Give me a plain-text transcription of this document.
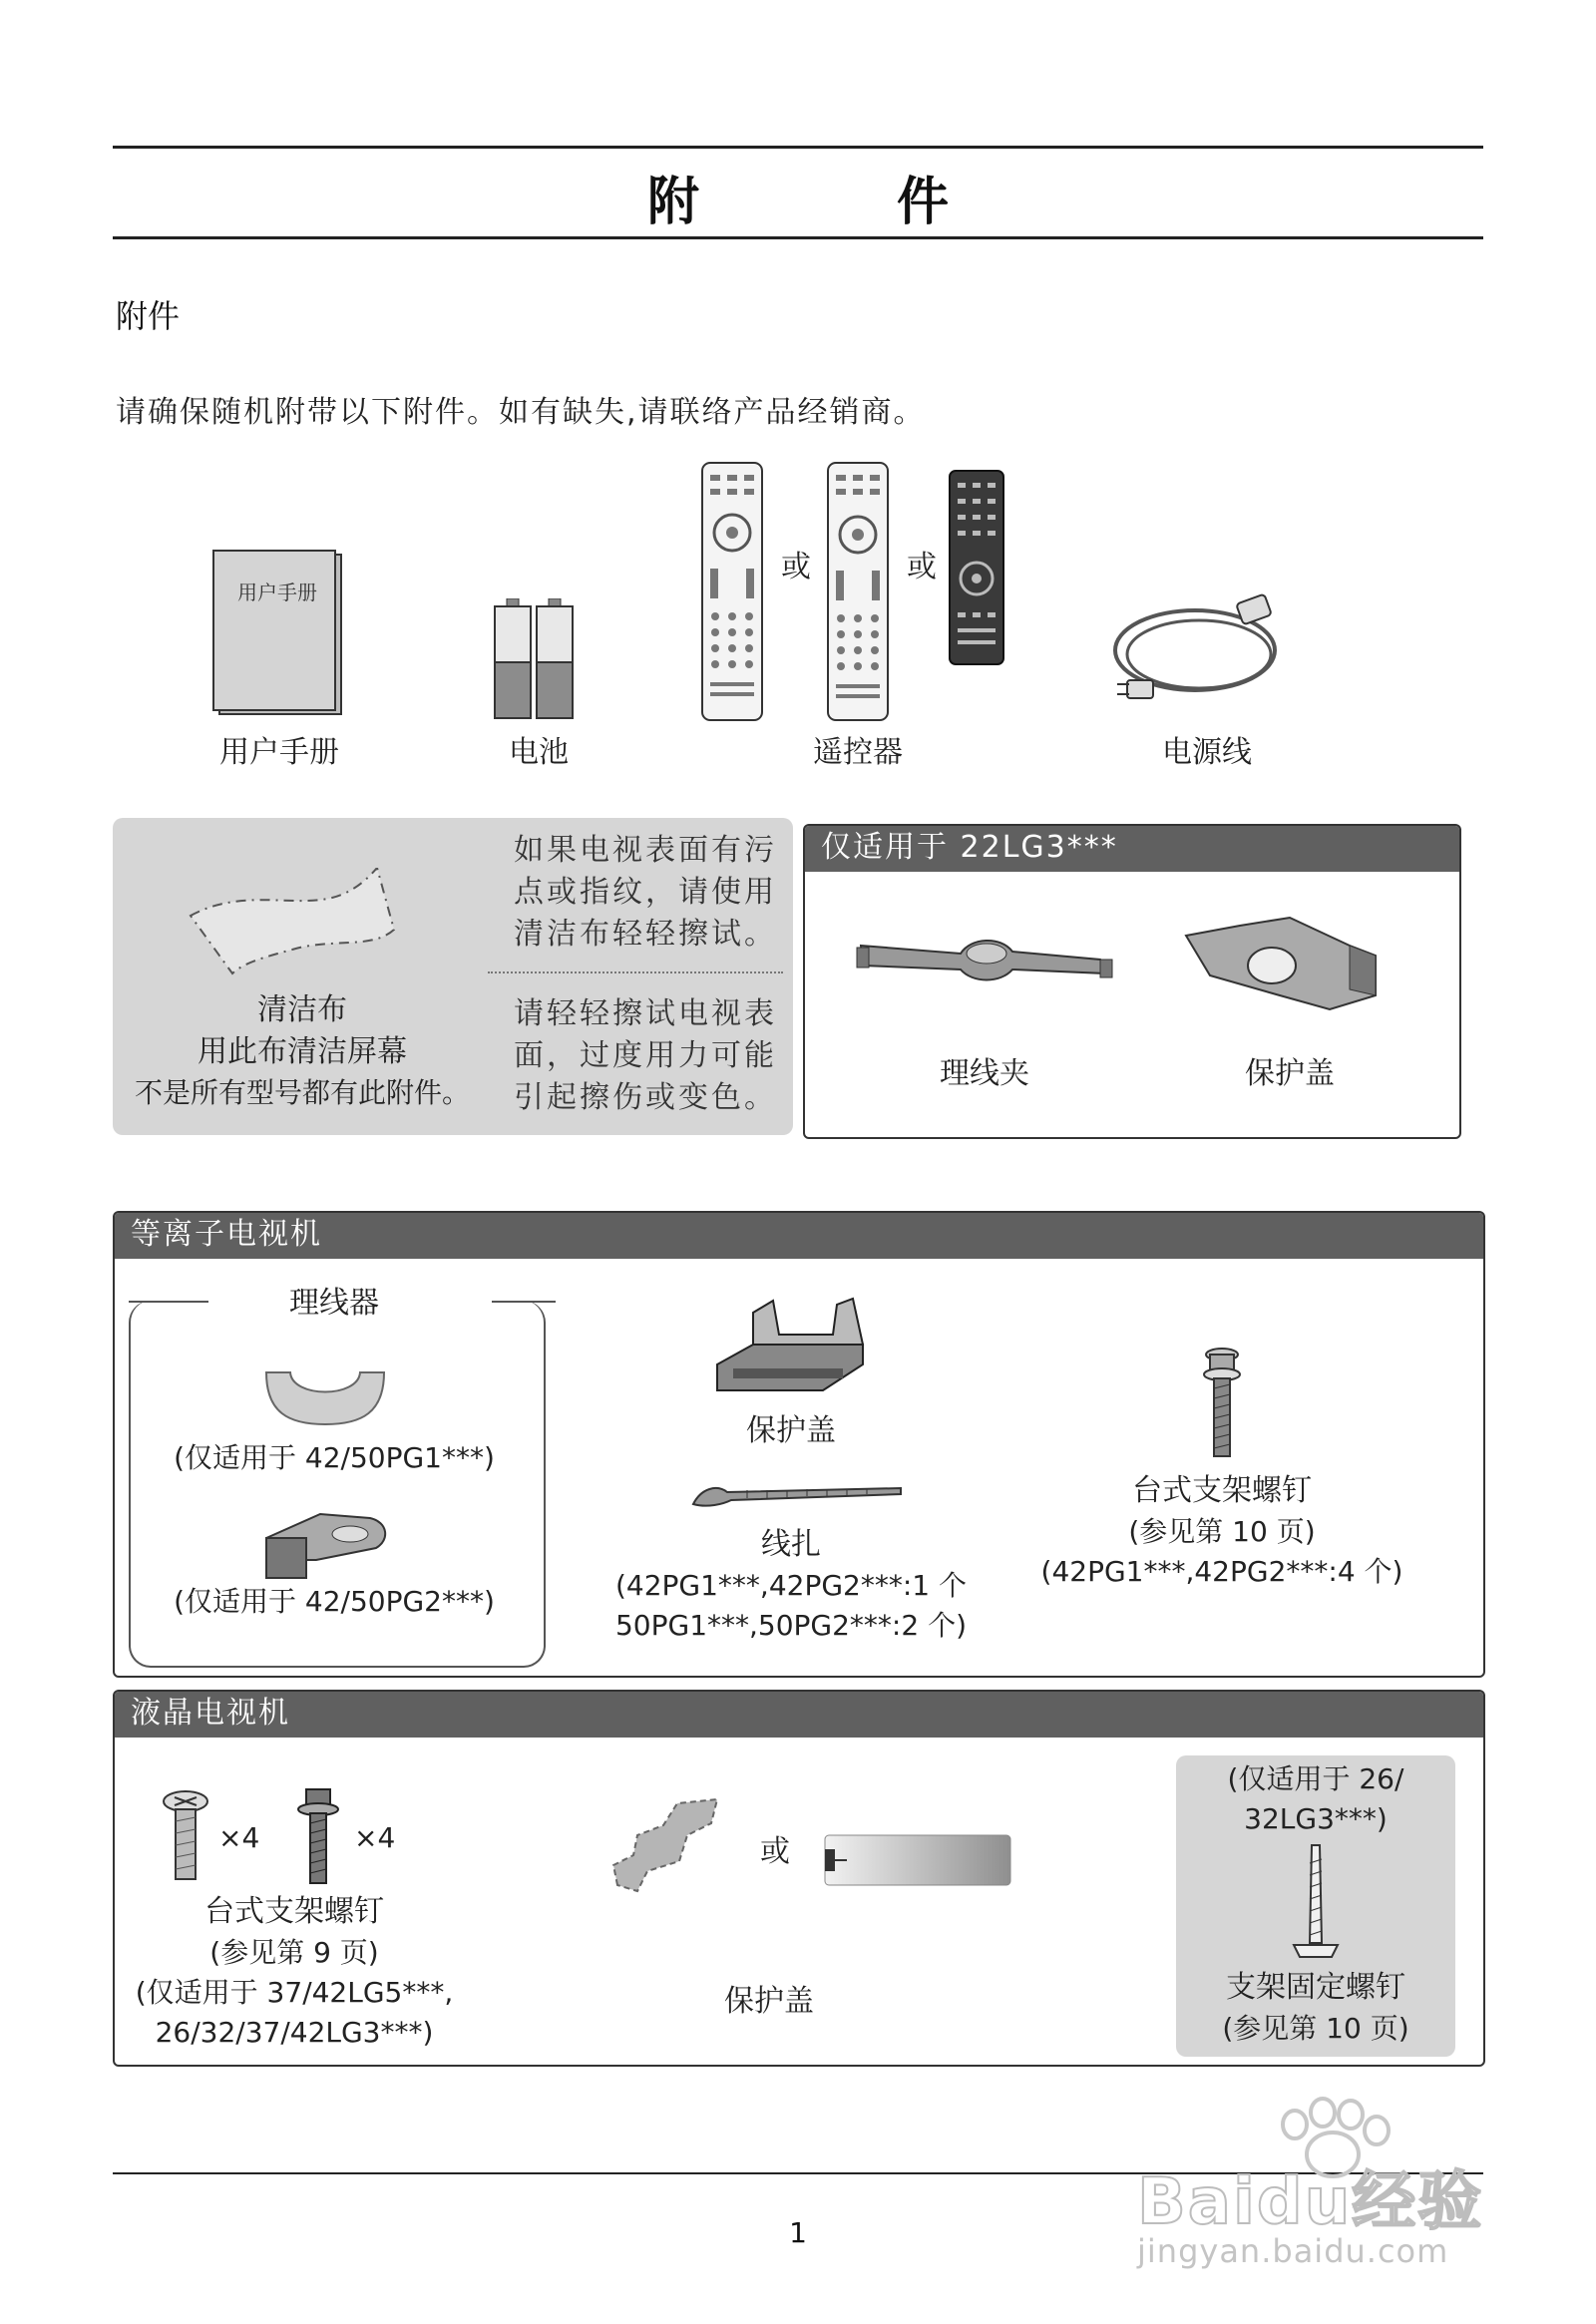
附 件
附件
请确保随机附带以下附件。如有缺失,请联络产品经销商。
用户手册
用户手册	电池
或	或
遥控器	电源线
清洁布
用此布清洁屏幕
不是所有型号都有此附件。
如果电视表面有污
点或指纹，请使用
清洁布轻轻擦试。
请轻轻擦试电视表
面，过度用力可能
引起擦伤或变色。
仅适用于 22LG3***
理线夹	保护盖
等离子电视机
理线器
(仅适用于 42/50PG1***)
(仅适用于 42/50PG2***)
保护盖
线扎
(42PG1***,42PG2***:1 个
50PG1***,50PG2***:2 个)
台式支架螺钉
(参见第 10 页)
(42PG1***,42PG2***:4 个)
液晶电视机
×4	×4
台式支架螺钉
(参见第 9 页)
(仅适用于 37/42LG5***,
26/32/37/42LG3***)
或
保护盖
(仅适用于 26/
32LG3***)
支架固定螺钉
(参见第 10 页)
1	Baidu经验
jingyan.baidu.com
